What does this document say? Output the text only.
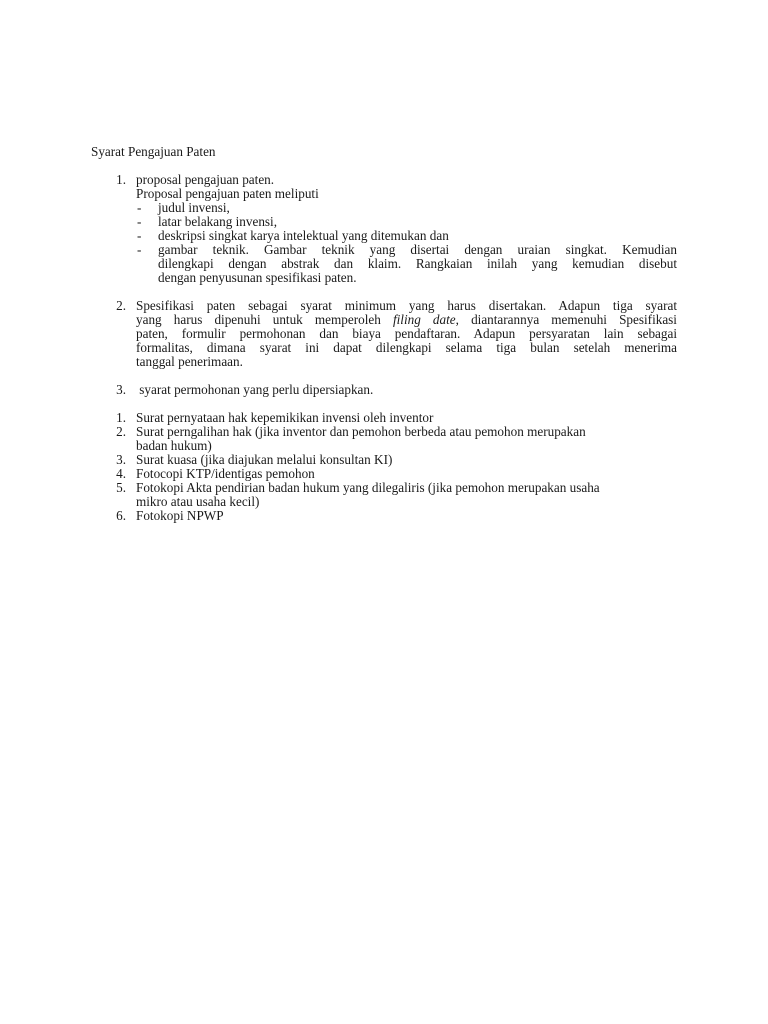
Syarat Pengajuan Paten
1. proposal pengajuan paten.
Proposal pengajuan paten meliputi
- judul invensi,
- latar belakang invensi,
- deskripsi singkat karya intelektual yang ditemukan dan
- gambar teknik. Gambar teknik yang disertai dengan uraian singkat. Kemudian
dilengkapi dengan abstrak dan klaim. Rangkaian inilah yang kemudian disebut
dengan penyusunan spesifikasi paten.
2. Spesifikasi paten sebagai syarat minimum yang harus disertakan. Adapun tiga syarat
yang harus dipenuhi untuk memperoleh filing date, diantarannya memenuhi Spesifikasi
paten, formulir permohonan dan biaya pendaftaran. Adapun persyaratan lain sebagai
formalitas, dimana syarat ini dapat dilengkapi selama tiga bulan setelah menerima
tanggal penerimaan.
3. syarat permohonan yang perlu dipersiapkan.
1. Surat pernyataan hak kepemikikan invensi oleh inventor
2. Surat perngalihan hak (jika inventor dan pemohon berbeda atau pemohon merupakan
badan hukum)
3. Surat kuasa (jika diajukan melalui konsultan KI)
4. Fotocopi KTP/identigas pemohon
5. Fotokopi Akta pendirian badan hukum yang dilegaliris (jika pemohon merupakan usaha
mikro atau usaha kecil)
6. Fotokopi NPWP
